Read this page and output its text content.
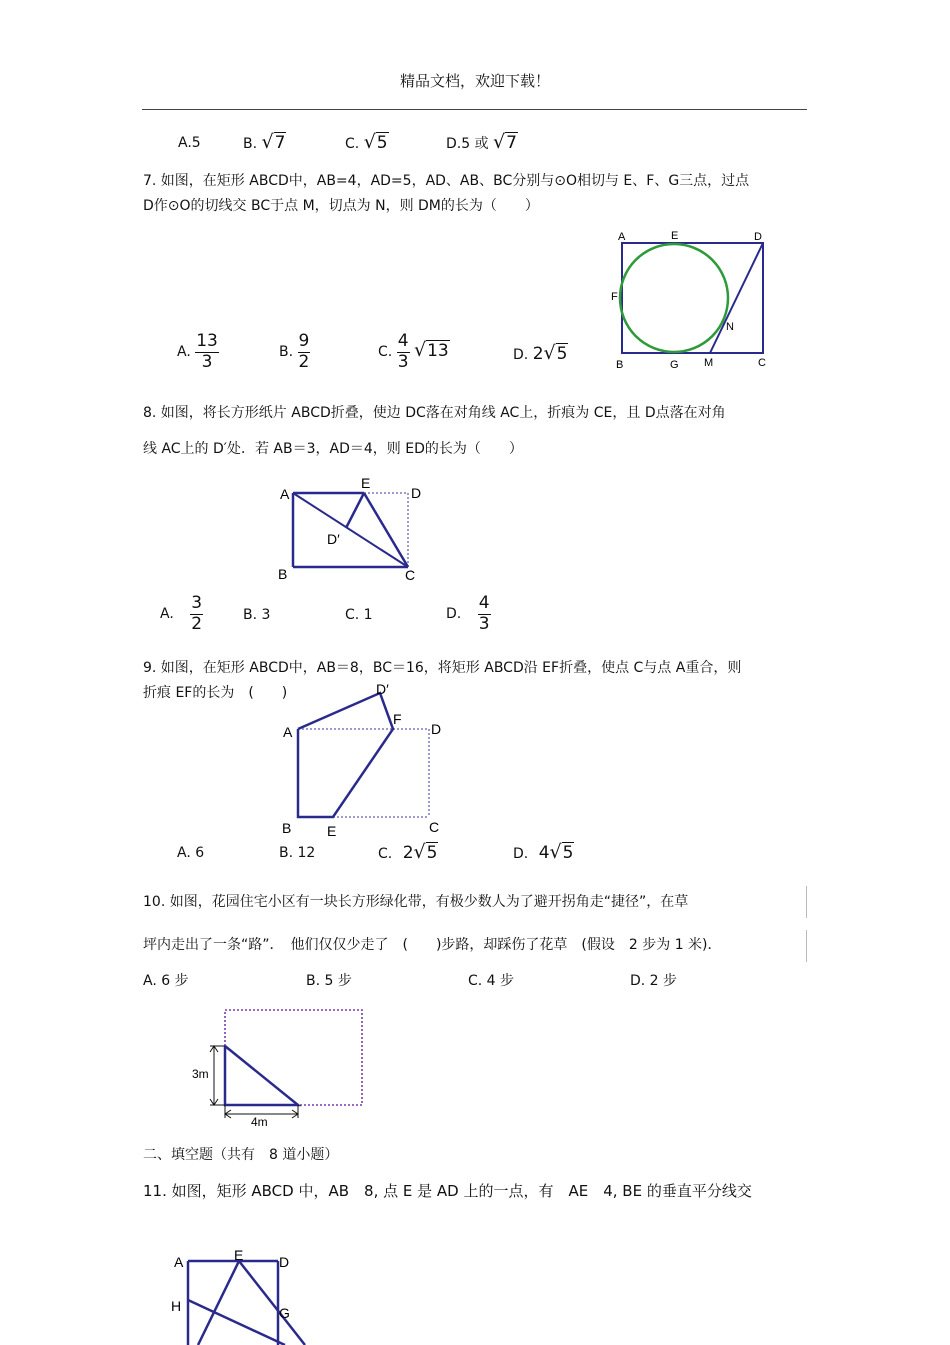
精品文档，欢迎下载！
A.5	B. √7	C. √5	D.5 或 √7
7. 如图，在矩形 ABCD中，AB=4，AD=5，AD、AB、BC分别与⊙O相切与 E、F、G三点，过点
D作⊙O的切线交 BC于点 M，切点为 N，则 DM的长为（　　）
A	E	D
F
N
B	G M	C
A. $\frac{13}{3}$	B. $\frac{9}{2}$	C. $\frac{4}{3} √13$	D. 2√5
8. 如图，将长方形纸片 ABCD折叠，使边 DC落在对角线 AC上，折痕为 CE，且 D点落在对角
线 AC上的 D′处．若 AB＝3，AD＝4，则 ED的长为（　　）
A
E
D
D′
B	C
A. $\frac{3}{2}$	B. 3	C. 1	D. $\frac{4}{3}$
9. 如图，在矩形 ABCD中，AB＝8，BC＝16，将矩形 ABCD沿 EF折叠，使点 C与点 A重合，则
折痕 EF的长为　(　　)	D′
F
A	D
B	E	C
A. 6	B. 12	C. 2√5	D. 4√5
10. 如图，花园住宅小区有一块长方形绿化带，有极少数人为了避开拐角走“捷径”，在草
坪内走出了一条“路”．　他们仅仅少走了　(　　)步路，却踩伤了花草　(假设　2 步为 1 米)．
A. 6 步	B. 5 步	C. 4 步	D. 2 步
3m
4m
二、填空题（共有　8 道小题）
11. 如图，矩形 ABCD 中，AB　8, 点 E 是 AD 上的一点，有　AE　4, BE 的垂直平分线交
A	E	D
H	G
